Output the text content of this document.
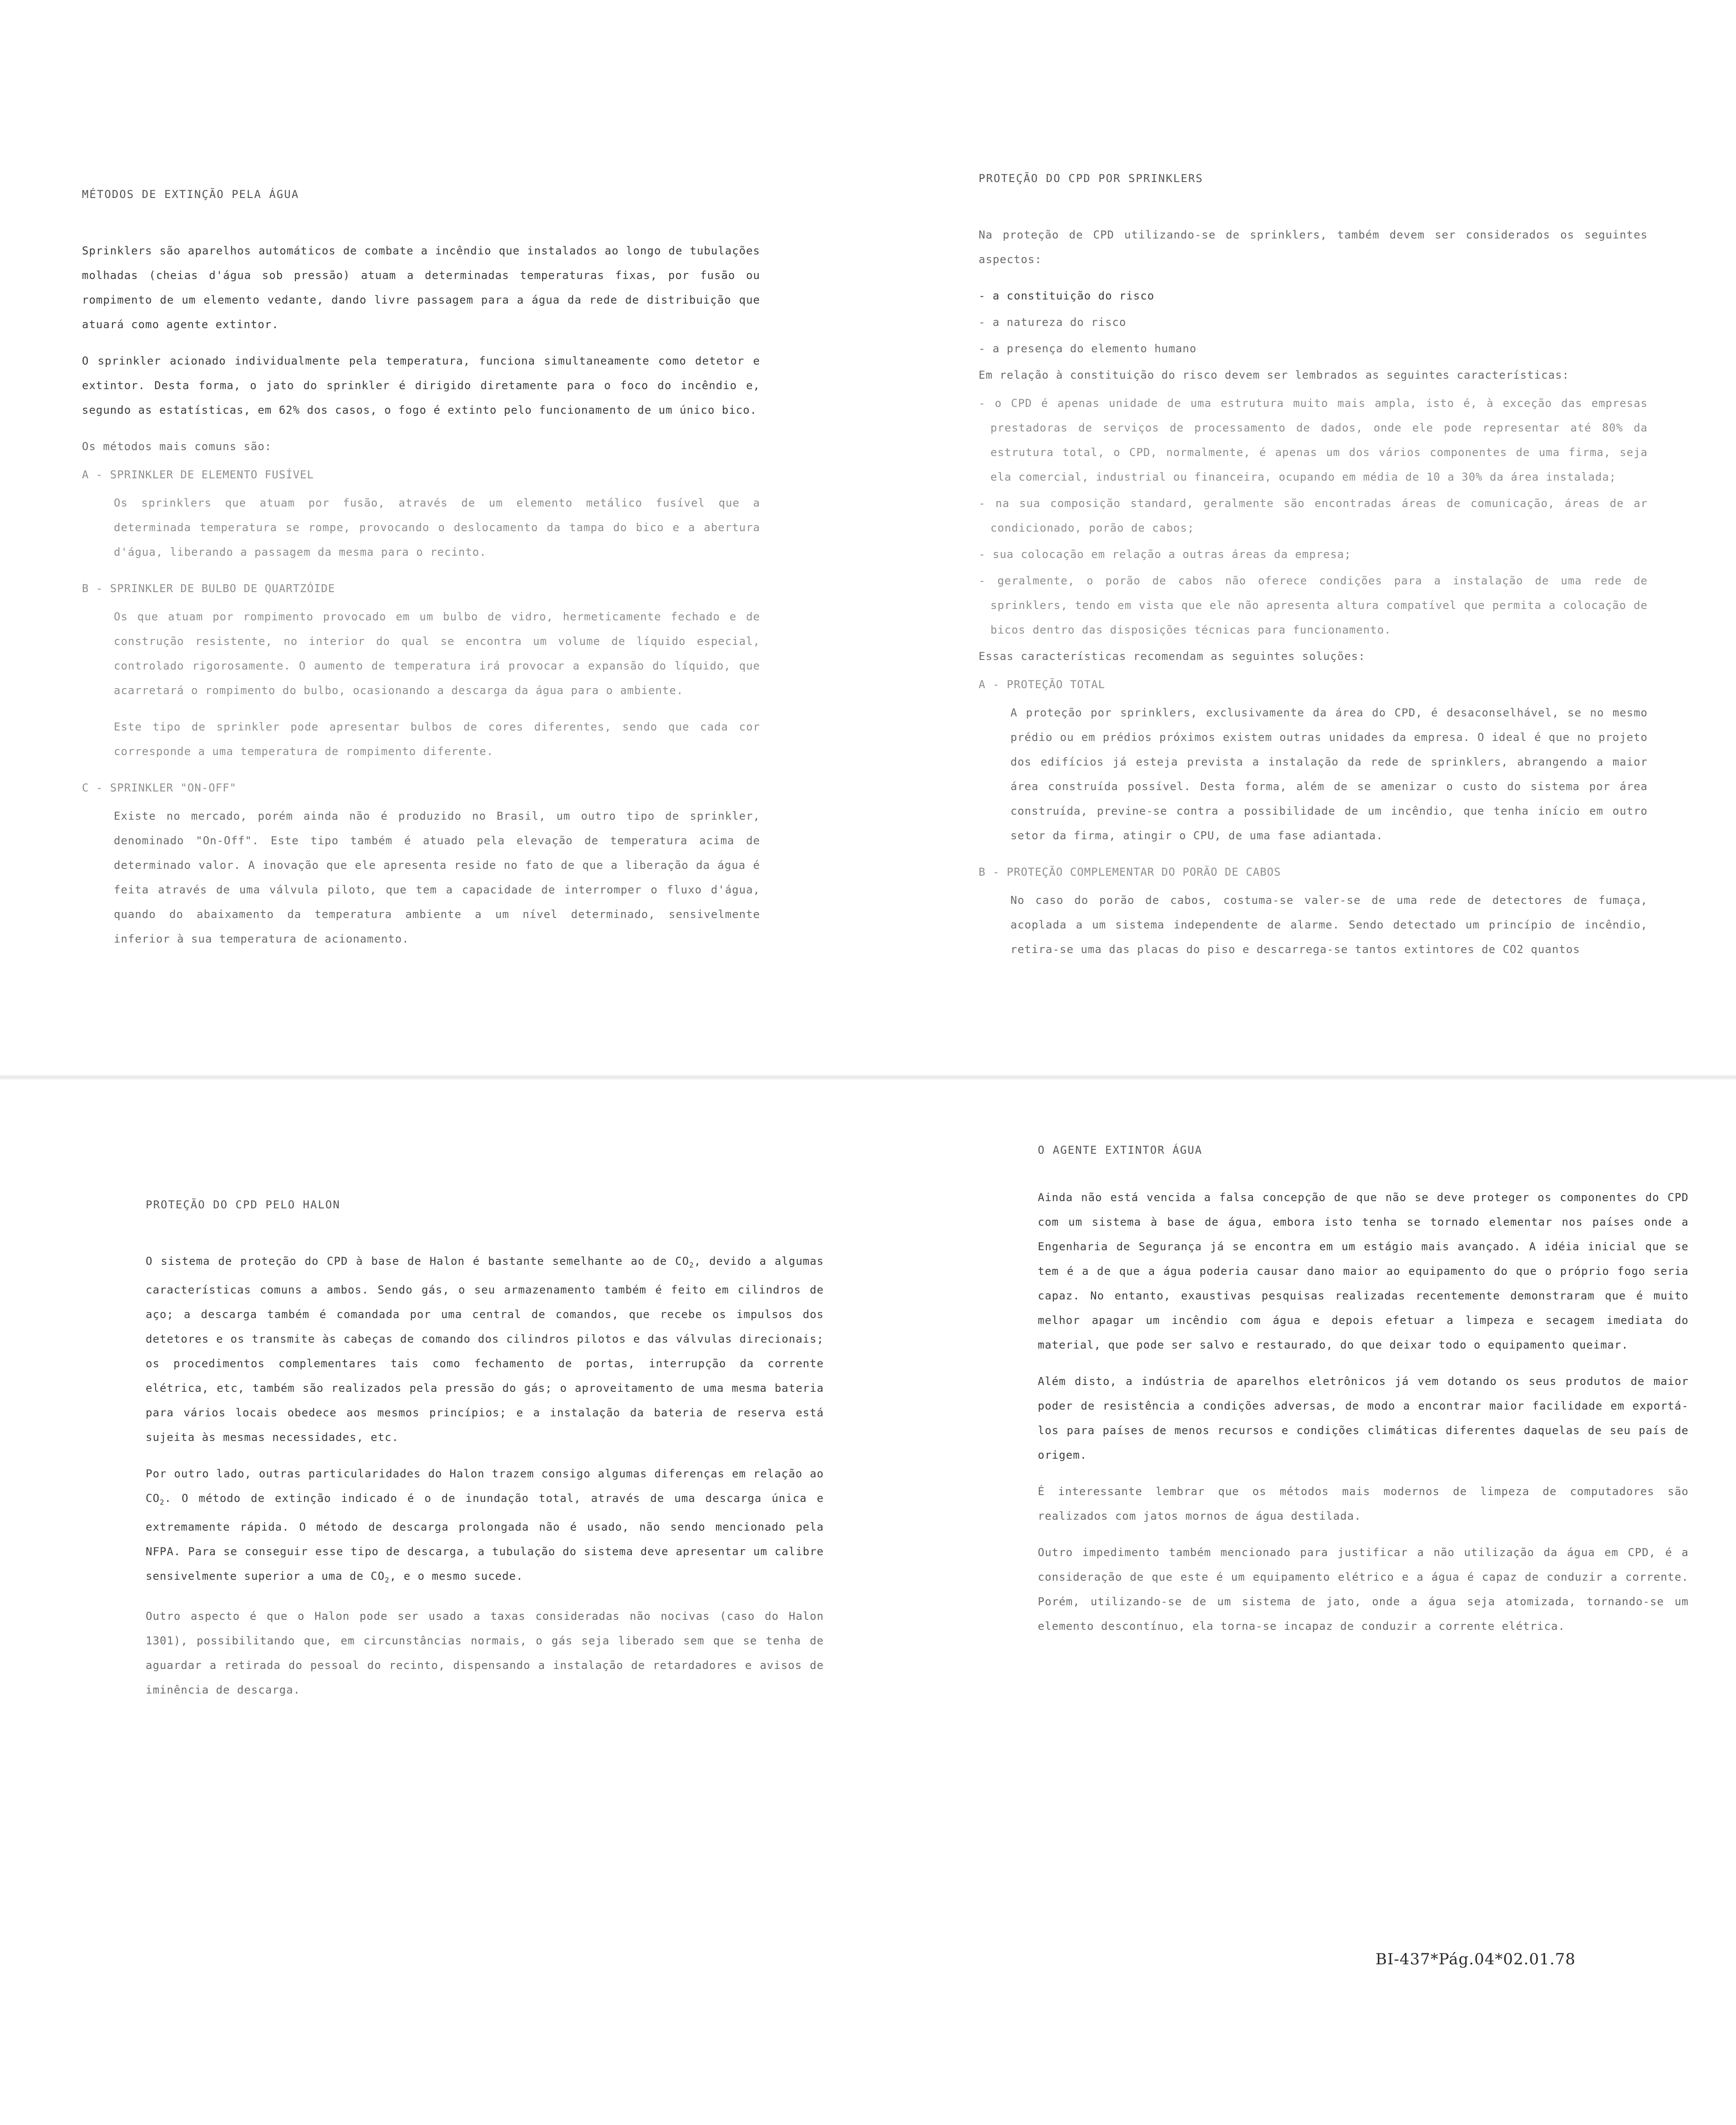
MÉTODOS DE EXTINÇÃO PELA ÁGUA

Sprinklers são aparelhos automáticos de combate a incêndio que instalados ao longo de tubulações molhadas (cheias d'água sob pressão) atuam a determinadas temperaturas fixas, por fusão ou rompimento de um elemento vedante, dando livre passagem para a água da rede de distribuição que atuará como agente extintor.

O sprinkler acionado individualmente pela temperatura, funciona simultaneamente como detetor e extintor. Desta forma, o jato do sprinkler é dirigido diretamente para o foco do incêndio e, segundo as estatísticas, em 62% dos casos, o fogo é extinto pelo funcionamento de um único bico.

Os métodos mais comuns são:

A - SPRINKLER DE ELEMENTO FUSÍVEL

Os sprinklers que atuam por fusão, através de um elemento metálico fusível que a determinada temperatura se rompe, provocando o deslocamento da tampa do bico e a abertura d'água, liberando a passagem da mesma para o recinto.

B - SPRINKLER DE BULBO DE QUARTZÓIDE

Os que atuam por rompimento provocado em um bulbo de vidro, hermeticamente fechado e de construção resistente, no interior do qual se encontra um volume de líquido especial, controlado rigorosamente. O aumento de temperatura irá provocar a expansão do líquido, que acarretará o rompimento do bulbo, ocasionando a descarga da água para o ambiente.

Este tipo de sprinkler pode apresentar bulbos de cores diferentes, sendo que cada cor corresponde a uma temperatura de rompimento diferente.

C - SPRINKLER "ON-OFF"

Existe no mercado, porém ainda não é produzido no Brasil, um outro tipo de sprinkler, denominado "On-Off". Este tipo também é atuado pela elevação de temperatura acima de determinado valor. A inovação que ele apresenta reside no fato de que a liberação da água é feita através de uma válvula piloto, que tem a capacidade de interromper o fluxo d'água, quando do abaixamento da temperatura ambiente a um nível determinado, sensivelmente inferior à sua temperatura de acionamento.

PROTEÇÃO DO CPD POR SPRINKLERS

Na proteção de CPD utilizando-se de sprinklers, também devem ser considerados os seguintes aspectos:

- a constituição do risco
- a natureza do risco
- a presença do elemento humano

Em relação à constituição do risco devem ser lembrados as seguintes características:

- o CPD é apenas unidade de uma estrutura muito mais ampla, isto é, à exceção das empresas prestadoras de serviços de processamento de dados, onde ele pode representar até 80% da estrutura total, o CPD, normalmente, é apenas um dos vários componentes de uma firma, seja ela comercial, industrial ou financeira, ocupando em média de 10 a 30% da área instalada;

- na sua composição standard, geralmente são encontradas áreas de comunicação, áreas de ar condicionado, porão de cabos;

- sua colocação em relação a outras áreas da empresa;

- geralmente, o porão de cabos não oferece condições para a instalação de uma rede de sprinklers, tendo em vista que ele não apresenta altura compatível que permita a colocação de bicos dentro das disposições técnicas para funcionamento.

Essas características recomendam as seguintes soluções:

A - PROTEÇÃO TOTAL

A proteção por sprinklers, exclusivamente da área do CPD, é desaconselhável, se no mesmo prédio ou em prédios próximos existem outras unidades da empresa. O ideal é que no projeto dos edifícios já esteja prevista a instalação da rede de sprinklers, abrangendo a maior área construída possível. Desta forma, além de se amenizar o custo do sistema por área construída, previne-se contra a possibilidade de um incêndio, que tenha início em outro setor da firma, atingir o CPU, de uma fase adiantada.

B - PROTEÇÃO COMPLEMENTAR DO PORÃO DE CABOS

No caso do porão de cabos, costuma-se valer-se de uma rede de detectores de fumaça, acoplada a um sistema independente de alarme. Sendo detectado um princípio de incêndio, retira-se uma das placas do piso e descarrega-se tantos extintores de CO2 quantos

PROTEÇÃO DO CPD PELO HALON

O sistema de proteção do CPD à base de Halon é bastante semelhante ao de $CO_2$, devido a algumas características comuns a ambos. Sendo gás, o seu armazenamento também é feito em cilindros de aço; a descarga também é comandada por uma central de comandos, que recebe os impulsos dos detetores e os transmite às cabeças de comando dos cilindros pilotos e das válvulas direcionais; os procedimentos complementares tais como fechamento de portas, interrupção da corrente elétrica, etc, também são realizados pela pressão do gás; o aproveitamento de uma mesma bateria para vários locais obedece aos mesmos princípios; e a instalação da bateria de reserva está sujeita às mesmas necessidades, etc.

Por outro lado, outras particularidades do Halon trazem consigo algumas diferenças em relação ao $CO_2$. O método de extinção indicado é o de inundação total, através de uma descarga única e extremamente rápida. O método de descarga prolongada não é usado, não sendo mencionado pela NFPA. Para se conseguir esse tipo de descarga, a tubulação do sistema deve apresentar um calibre sensivelmente superior a uma de $CO_2$, e o mesmo sucede.

Outro aspecto é que o Halon pode ser usado a taxas consideradas não nocivas (caso do Halon 1301), possibilitando que, em circunstâncias normais, o gás seja liberado sem que se tenha de aguardar a retirada do pessoal do recinto, dispensando a instalação de retardadores e avisos de iminência de descarga.

O AGENTE EXTINTOR ÁGUA

Ainda não está vencida a falsa concepção de que não se deve proteger os componentes do CPD com um sistema à base de água, embora isto tenha se tornado elementar nos países onde a Engenharia de Segurança já se encontra em um estágio mais avançado. A idéia inicial que se tem é a de que a água poderia causar dano maior ao equipamento do que o próprio fogo seria capaz. No entanto, exaustivas pesquisas realizadas recentemente demonstraram que é muito melhor apagar um incêndio com água e depois efetuar a limpeza e secagem imediata do material, que pode ser salvo e restaurado, do que deixar todo o equipamento queimar.

Além disto, a indústria de aparelhos eletrônicos já vem dotando os seus produtos de maior poder de resistência a condições adversas, de modo a encontrar maior facilidade em exportá-los para países de menos recursos e condições climáticas diferentes daquelas de seu país de origem.

É interessante lembrar que os métodos mais modernos de limpeza de computadores são realizados com jatos mornos de água destilada.

Outro impedimento também mencionado para justificar a não utilização da água em CPD, é a consideração de que este é um equipamento elétrico e a água é capaz de conduzir a corrente. Porém, utilizando-se de um sistema de jato, onde a água seja atomizada, tornando-se um elemento descontínuo, ela torna-se incapaz de conduzir a corrente elétrica.

BI-437*Pág.04*02.01.78
